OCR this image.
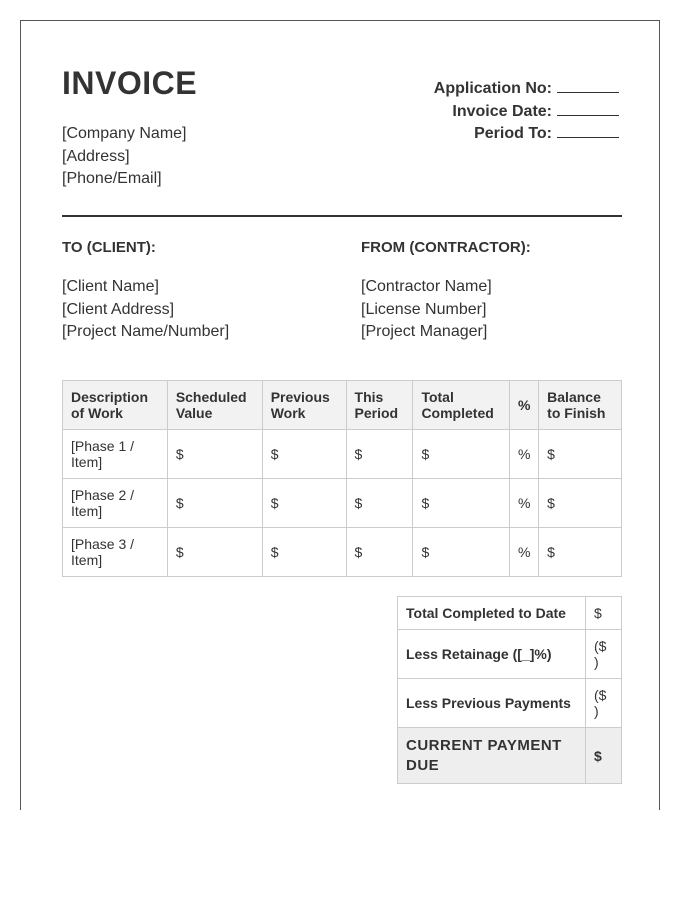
INVOICE
[Company Name]
[Address]
[Phone/Email]
Application No:
Invoice Date:
Period To:
TO (CLIENT):	FROM (CONTRACTOR):
[Client Name]
[Client Address]
[Project Name/Number]
[Contractor Name]
[License Number]
[Project Manager]
Description of Work	Scheduled Value	Previous Work	This Period	Total Completed	%	Balance to Finish
[Phase 1 / Item]	$	$	$	$	%	$
[Phase 2 / Item]	$	$	$	$	%	$
[Phase 3 / Item]	$	$	$	$	%	$
Total Completed to Date	$
Less Retainage ([_]%)	($ )
Less Previous Payments	($ )
CURRENT PAYMENT DUE	$
